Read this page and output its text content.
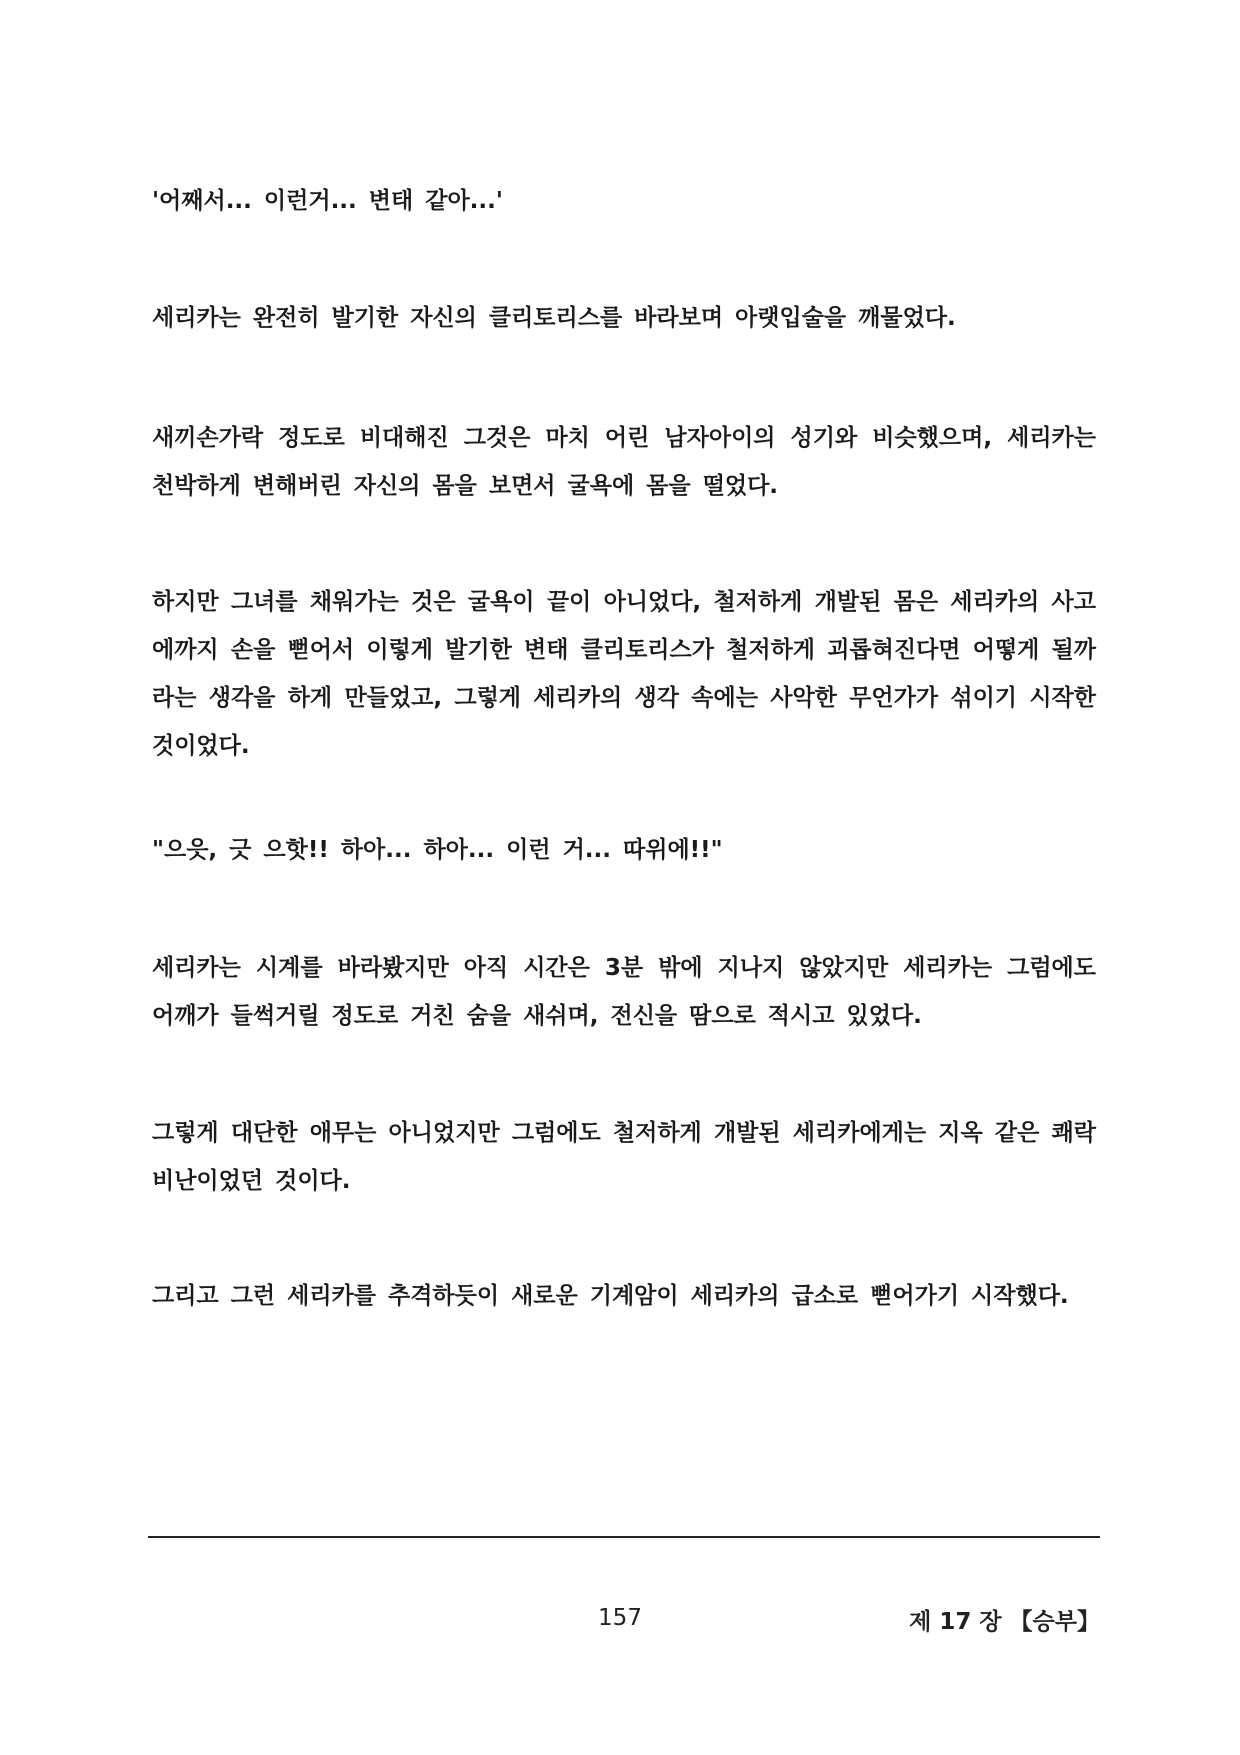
'어째서... 이런거... 변태 같아...'

세리카는 완전히 발기한 자신의 클리토리스를 바라보며 아랫입술을 깨물었다.

새끼손가락 정도로 비대해진 그것은 마치 어린 남자아이의 성기와 비슷했으며, 세리카는 천박하게 변해버린 자신의 몸을 보면서 굴욕에 몸을 떨었다.

하지만 그녀를 채워가는 것은 굴욕이 끝이 아니었다, 철저하게 개발된 몸은 세리카의 사고에까지 손을 뻗어서 이렇게 발기한 변태 클리토리스가 철저하게 괴롭혀진다면 어떻게 될까라는 생각을 하게 만들었고, 그렇게 세리카의 생각 속에는 사악한 무언가가 섞이기 시작한 것이었다.

"으읏, 긋 으핫!! 하아... 하아... 이런 거... 따위에!!"

세리카는 시계를 바라봤지만 아직 시간은 3분 밖에 지나지 않았지만 세리카는 그럼에도 어깨가 들썩거릴 정도로 거친 숨을 새쉬며, 전신을 땀으로 적시고 있었다.

그렇게 대단한 애무는 아니었지만 그럼에도 철저하게 개발된 세리카에게는 지옥 같은 쾌락 비난이었던 것이다.

그리고 그런 세리카를 추격하듯이 새로운 기계암이 세리카의 급소로 뻗어가기 시작했다.

157	제 17 장 【승부】
